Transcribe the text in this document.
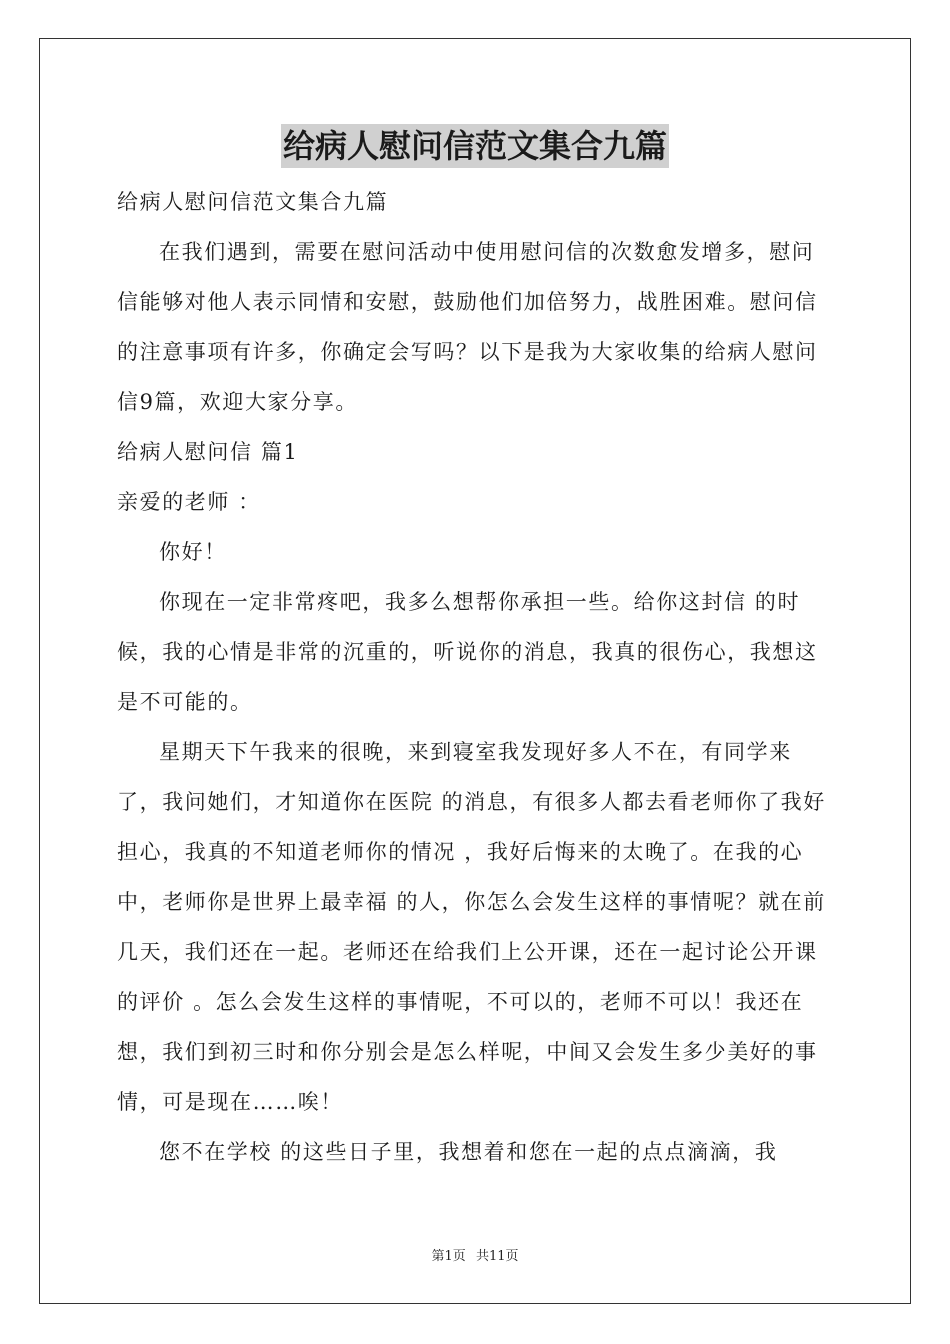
给病人慰问信范文集合九篇

给病人慰问信范文集合九篇

在我们遇到，需要在慰问活动中使用慰问信的次数愈发增多，慰问信能够对他人表示同情和安慰，鼓励他们加倍努力，战胜困难。慰问信的注意事项有许多，你确定会写吗？以下是我为大家收集的给病人慰问信9篇，欢迎大家分享。

给病人慰问信 篇1

亲爱的老师 ：

你好！

你现在一定非常疼吧，我多么想帮你承担一些。给你这封信 的时候，我的心情是非常的沉重的，听说你的消息，我真的很伤心，我想这是不可能的。

星期天下午我来的很晚，来到寝室我发现好多人不在，有同学来了，我问她们，才知道你在医院 的消息，有很多人都去看老师你了我好担心，我真的不知道老师你的情况 ，我好后悔来的太晚了。在我的心中，老师你是世界上最幸福 的人，你怎么会发生这样的事情呢？就在前几天，我们还在一起。老师还在给我们上公开课，还在一起讨论公开课的评价 。怎么会发生这样的事情呢，不可以的，老师不可以！我还在想，我们到初三时和你分别会是怎么样呢，中间又会发生多少美好的事情，可是现在……唉！

您不在学校 的这些日子里，我想着和您在一起的点点滴滴，我

第1页 共11页
